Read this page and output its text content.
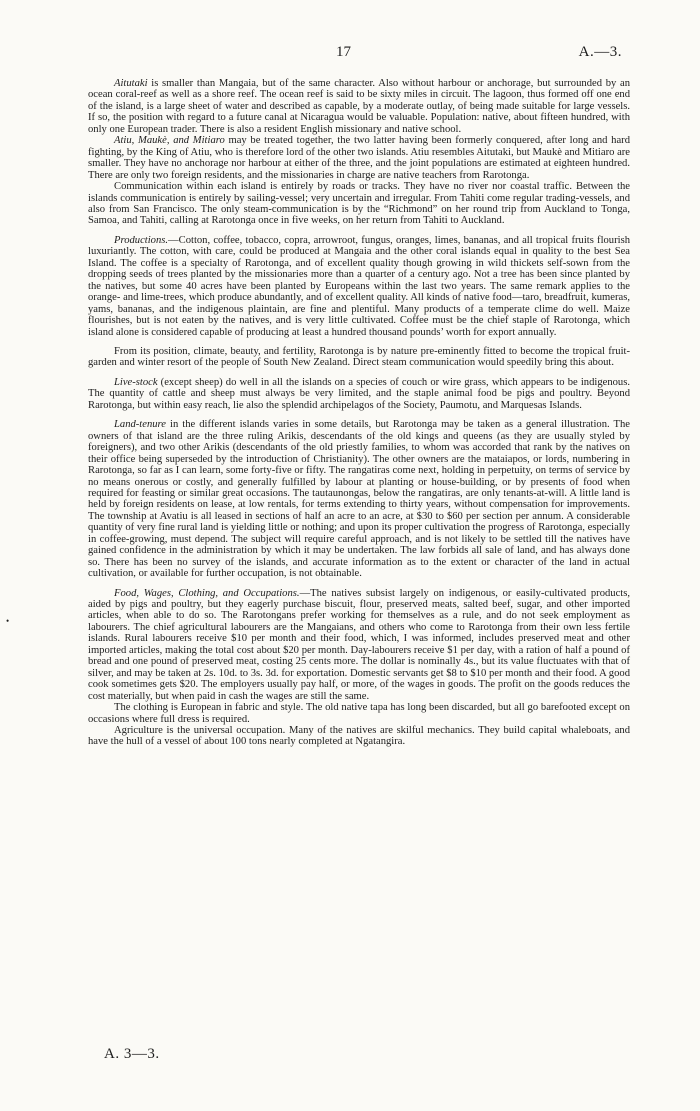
17	A.—3.
•

Aitutaki is smaller than Mangaia, but of the same character. Also without harbour or anchorage, but surrounded by an ocean coral-reef as well as a shore reef. The ocean reef is said to be sixty miles in circuit. The lagoon, thus formed off one end of the island, is a large sheet of water and described as capable, by a moderate outlay, of being made suitable for large vessels. If so, the position with regard to a future canal at Nicaragua would be valuable. Population: native, about fifteen hundred, with only one European trader. There is also a resident English missionary and native school.

Atiu, Maukè, and Mitiaro may be treated together, the two latter having been formerly conquered, after long and hard fighting, by the King of Atiu, who is therefore lord of the other two islands. Atiu resembles Aitutaki, but Maukè and Mitiaro are smaller. They have no anchorage nor harbour at either of the three, and the joint populations are estimated at eighteen hundred. There are only two foreign residents, and the missionaries in charge are native teachers from Rarotonga.

Communication within each island is entirely by roads or tracks. They have no river nor coastal traffic. Between the islands communication is entirely by sailing-vessel; very uncertain and irregular. From Tahiti come regular trading-vessels, and also from San Francisco. The only steam-communication is by the “Richmond” on her round trip from Auckland to Tonga, Samoa, and Tahiti, calling at Rarotonga once in five weeks, on her return from Tahiti to Auckland.

Productions.—Cotton, coffee, tobacco, copra, arrowroot, fungus, oranges, limes, bananas, and all tropical fruits flourish luxuriantly. The cotton, with care, could be produced at Mangaia and the other coral islands equal in quality to the best Sea Island. The coffee is a specialty of Rarotonga, and of excellent quality though growing in wild thickets self-sown from the dropping seeds of trees planted by the missionaries more than a quarter of a century ago. Not a tree has been since planted by the natives, but some 40 acres have been planted by Europeans within the last two years. The same remark applies to the orange- and lime-trees, which produce abundantly, and of excellent quality. All kinds of native food—taro, breadfruit, kumeras, yams, bananas, and the indigenous plaintain, are fine and plentiful. Many products of a temperate clime do well. Maize flourishes, but is not eaten by the natives, and is very little cultivated. Coffee must be the chief staple of Rarotonga, which island alone is considered capable of producing at least a hundred thousand pounds’ worth for export annually.

From its position, climate, beauty, and fertility, Rarotonga is by nature pre-eminently fitted to become the tropical fruit-garden and winter resort of the people of South New Zealand. Direct steam communication would speedily bring this about.

Live-stock (except sheep) do well in all the islands on a species of couch or wire grass, which appears to be indigenous. The quantity of cattle and sheep must always be very limited, and the staple animal food be pigs and poultry. Beyond Rarotonga, but within easy reach, lie also the splendid archipelagos of the Society, Paumotu, and Marquesas Islands.

Land-tenure in the different islands varies in some details, but Rarotonga may be taken as a general illustration. The owners of that island are the three ruling Arikis, descendants of the old kings and queens (as they are usually styled by foreigners), and two other Arikis (descendants of the old priestly families, to whom was accorded that rank by the natives on their office being superseded by the introduction of Christianity). The other owners are the mataiapos, or lords, numbering in Rarotonga, so far as I can learn, some forty-five or fifty. The rangatiras come next, holding in perpetuity, on terms of service by no means onerous or costly, and generally fulfilled by labour at planting or house-building, or by presents of food when required for feasting or similar great occasions. The tautaunongas, below the rangatiras, are only tenants-at-will. A little land is held by foreign residents on lease, at low rentals, for terms extending to thirty years, without compensation for improvements. The township at Avatiu is all leased in sections of half an acre to an acre, at $30 to $60 per section per annum. A considerable quantity of very fine rural land is yielding little or nothing; and upon its proper cultivation the progress of Rarotonga, especially in coffee-growing, must depend. The subject will require careful approach, and is not likely to be settled till the natives have gained confidence in the administration by which it may be undertaken. The law forbids all sale of land, and has always done so. There has been no survey of the islands, and accurate information as to the extent or character of the land in actual cultivation, or available for further occupation, is not obtainable.

Food, Wages, Clothing, and Occupations.—The natives subsist largely on indigenous, or easily-cultivated products, aided by pigs and poultry, but they eagerly purchase biscuit, flour, preserved meats, salted beef, sugar, and other imported articles, when able to do so. The Rarotongans prefer working for themselves as a rule, and do not seek employment as labourers. The chief agricultural labourers are the Mangaians, and others who come to Rarotonga from their own less fertile islands. Rural labourers receive $10 per month and their food, which, I was informed, includes preserved meat and other imported articles, making the total cost about $20 per month. Day-labourers receive $1 per day, with a ration of half a pound of bread and one pound of preserved meat, costing 25 cents more. The dollar is nominally 4s., but its value fluctuates with that of silver, and may be taken at 2s. 10d. to 3s. 3d. for exportation. Domestic servants get $8 to $10 per month and their food. A good cook sometimes gets $20. The employers usually pay half, or more, of the wages in goods. The profit on the goods reduces the cost materially, but when paid in cash the wages are still the same.

The clothing is European in fabric and style. The old native tapa has long been discarded, but all go barefooted except on occasions where full dress is required.

Agriculture is the universal occupation. Many of the natives are skilful mechanics. They build capital whaleboats, and have the hull of a vessel of about 100 tons nearly completed at Ngatangira.

A. 3—3.
